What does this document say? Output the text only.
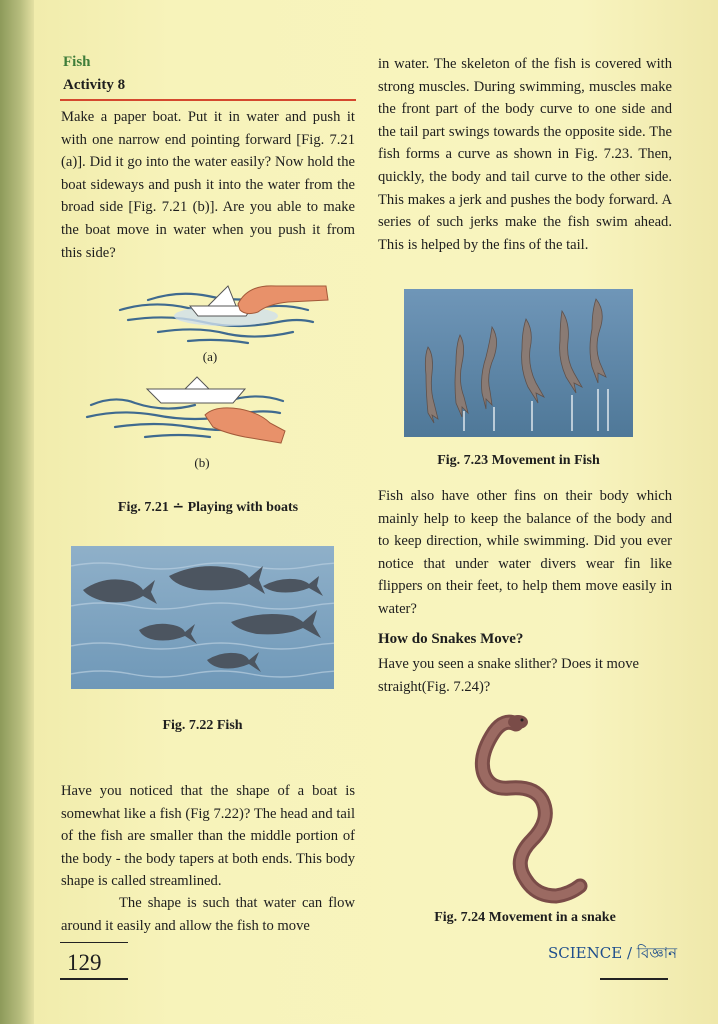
Fish
Activity 8

Make a paper boat. Put it in water and push it with one narrow end pointing forward [Fig. 7.21 (a)]. Did it go into the water easily? Now hold the boat sideways and push it into the water from the broad side [Fig. 7.21 (b)]. Are you able to make the boat move in water when you push it from this side?

(a)
(b)
Fig. 7.21 ∸ Playing with boats
Fig. 7.22 Fish

Have you noticed that the shape of a boat is somewhat like a fish (Fig 7.22)? The head and tail of the fish are smaller than the middle portion of the body - the body tapers at both ends. This body shape is called streamlined.

The shape is such that water can flow around it easily and allow the fish to move

in water. The skeleton of the fish is covered with strong muscles. During swimming, muscles make the front part of the body curve to one side and the tail part swings towards the opposite side. The fish forms a curve as shown in Fig. 7.23. Then, quickly, the body and tail curve to the other side. This makes a jerk and pushes the body forward. A series of such jerks make the fish swim ahead. This is helped by the fins of the tail.

Fig. 7.23 Movement in Fish

Fish also have other fins on their body which mainly help to keep the balance of the body and to keep direction, while swimming. Did you ever notice that under water divers wear fin like flippers on their feet, to help them move easily in water?

How do Snakes Move?

Have you seen a snake slither? Does it move straight(Fig. 7.24)?

Fig. 7.24 Movement in a snake
129	SCIENCE / বিজ্ঞান
